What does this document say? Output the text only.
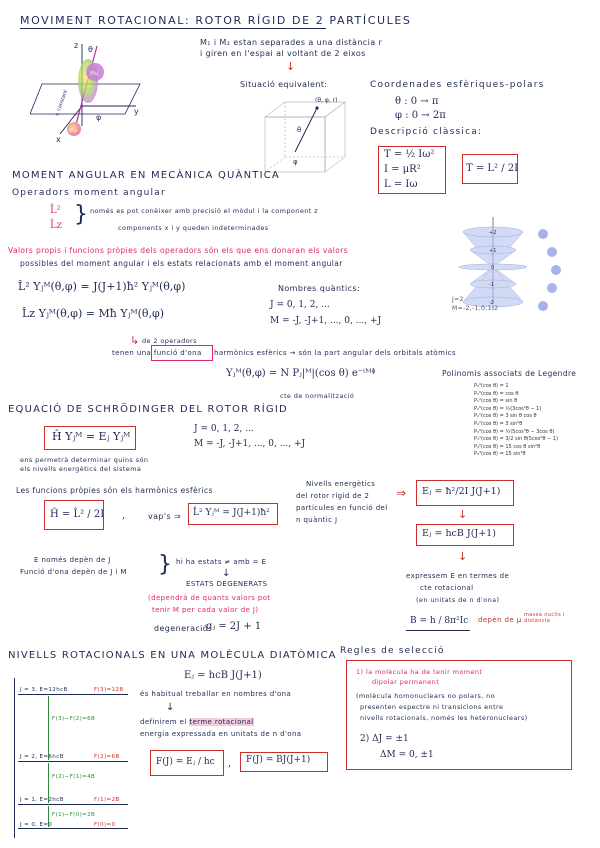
MOVIMENT ROTACIONAL: ROTOR RÍGID DE 2 PARTÍCULES
z θ
y
x
φ
m₁
m₂
r, constant
M₁ i M₂ estan separades a una distància r
i giren en l'espai al voltant de 2 eixos
↓
Situació equivalent:
(θ, φ, r)
θ
φ
Coordenades esfèriques-polars
θ : 0 → π
φ : 0 → 2π
Descripció clàssica:
T = ½ Iω²
I = μR²
L = Iω
T = L² / 2I
MOMENT ANGULAR EN MECÀNICA QUÀNTICA
Operadors moment angular
L̂²
L̂z } només es pot conèixer amb precisió el mòdul i la component z
components x i y queden indeterminades
Valors propis i funcions pròpies dels operadors són els que ens donaran els valors
possibles del moment angular i els estats relacionats amb el moment angular
L̂² Yⱼᴹ(θ,φ) = J(J+1)ħ² Yⱼᴹ(θ,φ)
L̂z Yⱼᴹ(θ,φ) = Mħ Yⱼᴹ(θ,φ)
Nombres quàntics:
J = 0, 1, 2, ...
M = -J, -J+1, ..., 0, ..., +J
+2
+1
0
-1
-2
J=2
M=-2,-1,0,1,2
↳ de 2 operadors
tenen una funció d'ona harmònics esfèrics → són la part angular dels orbitals atòmics
Yⱼᴹ(θ,φ) = N Pⱼ|ᴹ|(cos θ) e⁻ⁱᴹᶲ
cte de normalització
Polinomis associats de Legendre
P₀⁰(cos θ) = 1
P₁⁰(cos θ) = cos θ
P₁¹(cos θ) = sin θ
P₂⁰(cos θ) = ½(3cos²θ − 1)
P₂¹(cos θ) = 3 sin θ cos θ
P₂²(cos θ) = 3 sin²θ
P₃⁰(cos θ) = ½(5cos³θ − 3cos θ)
P₃¹(cos θ) = 3/2 sin θ(5cos²θ − 1)
P₃²(cos θ) = 15 cos θ sin²θ
P₃³(cos θ) = 15 sin³θ
EQUACIÓ DE SCHRÖDINGER DEL ROTOR RÍGID
Ĥ Yⱼᴹ = Eⱼ Yⱼᴹ
J = 0, 1, 2, ...
M = -J, -J+1, ..., 0, ..., +J
ens permetrà determinar quins són
els nivells energètics del sistema
Les funcions pròpies són els harmònics esfèrics
Ĥ = L̂² / 2I ,	vap's ⇒ L̂² Yⱼᴹ = J(J+1)ħ²
Nivells energètics
del rotor rígid de 2
partícules en funció del
n quàntic J
⇒ Eⱼ = ħ²/2I J(J+1)
↓
Eⱼ = hcB J(J+1)
↓
E només depèn de J
Funció d'ona depèn de J i M } hi ha estats ≠ amb = E
↓
ESTATS DEGENERATS
(dependrà de quants valors pot
tenir M per cada valor de J)
degeneració:
gⱼ = 2J + 1
expressem E en termes de
cte rotacional
(en unitats de n d'ona)
B = h / 8π²Ic depèn de μ
massa nuclis i distància
NIVELLS ROTACIONALS EN UNA MOLÈCULA DIATÒMICA
J = 3, E=12hcB	F(3)=12B
F(3)−F(2)=6B
J = 2, E=6hcB	F(2)=6B
F(2)−F(1)=4B
J = 1, E=2hcB	F(1)=2B
F(1)−F(0)=2B
J = 0, E=0	F(0)=0
Eⱼ = hcB J(J+1)
és habitual treballar en nombres d'ona
↓
definirem el terme rotacional
energia expressada en unitats de n d'ona
F(J) = Eⱼ / hc , F(J) = BJ(J+1)
Regles de selecció
1) la molècula ha de tenir moment
dipolar permanent
(molècula homonuclears no polars, no
presenten espectre ni transicions entre
nivells rotacionals, només les heteronuclears)
2) ΔJ = ±1
ΔM = 0, ±1
